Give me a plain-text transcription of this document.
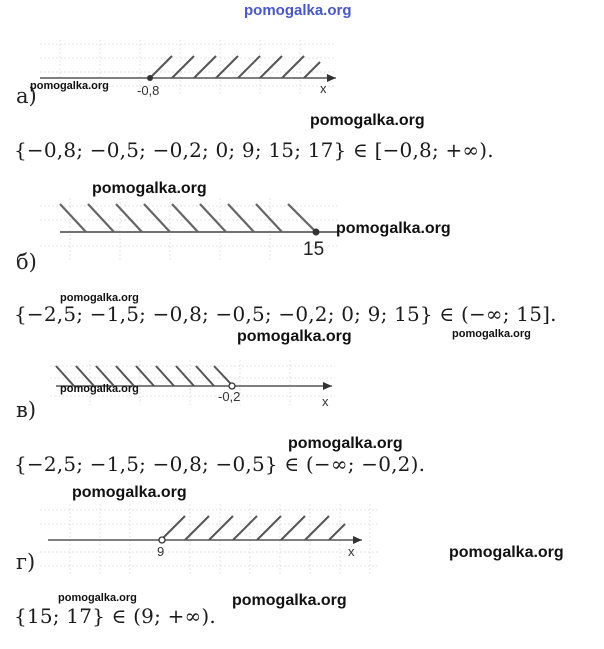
pomogalka.org
-0,8	x
а)
pomogalka.org
pomogalka.org
{−0,8; −0,5; −0,2; 0; 9; 15; 17} ∈ [−0,8; +∞).
pomogalka.org
15
pomogalka.org
б)
pomogalka.org
{−2,5; −1,5; −0,8; −0,5; −0,2; 0; 9; 15} ∈ (−∞; 15].
pomogalka.org	pomogalka.org
-0,2	x
pomogalka.org
в)
pomogalka.org
{−2,5; −1,5; −0,8; −0,5} ∈ (−∞; −0,2).
pomogalka.org
9	x	pomogalka.org
г)
pomogalka.org	pomogalka.org
{15; 17} ∈ (9; +∞).
